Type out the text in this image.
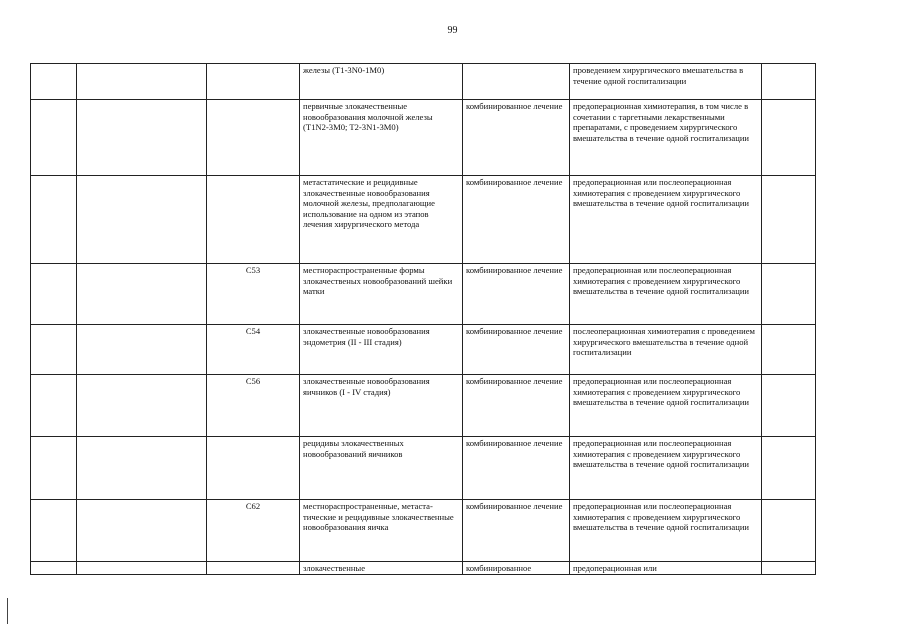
99
			железы (T1-3N0-1M0)		проведением хирургического вмешательства в течение одной госпитализации	
			первичные злокачественные новообразования молочной железы (T1N2-3M0; T2-3N1-3M0)	комбинированное лечение	предоперационная химиотерапия, в том числе в сочетании с таргетными лекарственными препаратами, с проведением хирургического вмешательства в течение одной госпитализации	
			метастатические и рецидивные злокачественные новообразования молочной железы, предполагающие использование на одном из этапов лечения хирургического метода	комбинированное лечение	предоперационная или послеоперационная химиотерапия с проведением хирургического вмешательства в течение одной госпитализации	
		C53	местнораспространенные формы злокачественых новообразований шейки матки	комбинированное лечение	предоперационная или послеоперационная химиотерапия с проведением хирургического вмешательства в течение одной госпитализации	
		C54	злокачественные новообразования эндометрия (II - III стадия)	комбинированное лечение	послеоперационная химиотерапия с проведением хирургического вмешательства в течение одной госпитализации	
		C56	злокачественные новообразования яичников (I - IV стадия)	комбинированное лечение	предоперационная или послеоперационная химиотерапия с проведением хирургического вмешательства в течение одной госпитализации	
			рецидивы злокачественных новообразований яичников	комбинированное лечение	предоперационная или послеоперационная химиотерапия с проведением хирургического вмешательства в течение одной госпитализации	
		C62	местнораспространенные, метаста-тические и рецидивные злокачественные новообразования яичка	комбинированное лечение	предоперационная или послеоперационная химиотерапия с проведением хирургического вмешательства в течение одной госпитализации	
			злокачественные	комбинированное	предоперационная или	
